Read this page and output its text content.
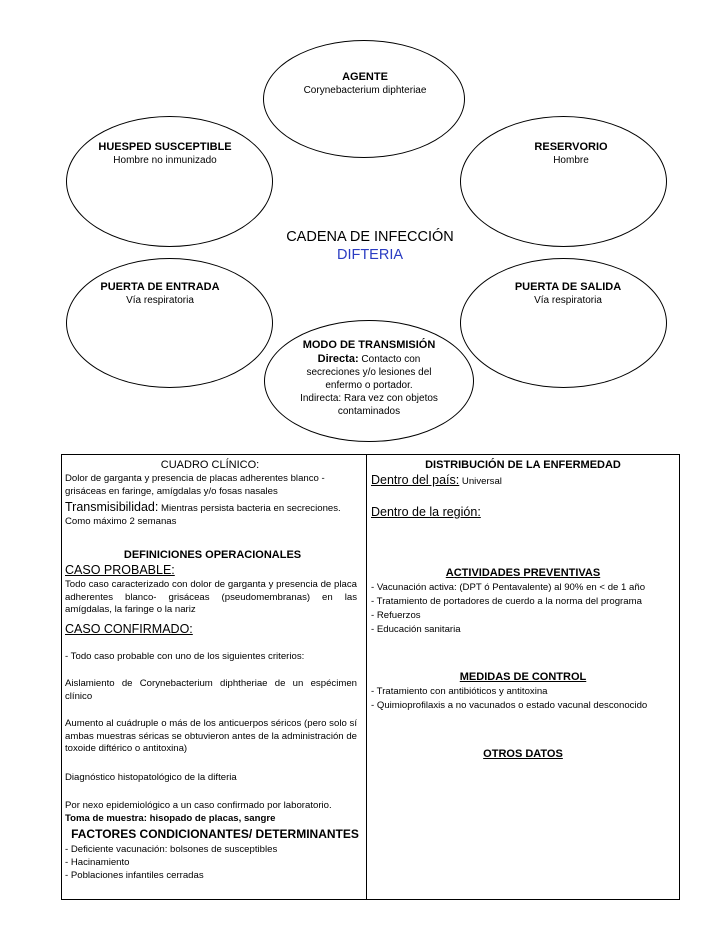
AGENTE
Corynebacterium diphteriae
HUESPED SUSCEPTIBLE
Hombre no inmunizado
RESERVORIO
Hombre
CADENA DE INFECCIÓN
DIFTERIA
PUERTA DE ENTRADA
Vía respiratoria
PUERTA DE SALIDA
Vía respiratoria
MODO DE TRANSMISIÓN
Directa: Contacto con secreciones y/o lesiones del enfermo o portador.
Indirecta: Rara vez con objetos contaminados
CUADRO CLÍNICO:
Dolor de garganta y presencia de placas adherentes blanco - grisáceas en faringe, amígdalas y/o fosas nasales
Transmisibilidad: Mientras persista bacteria en secreciones.
Como máximo 2 semanas
DEFINICIONES OPERACIONALES
CASO PROBABLE:
Todo caso caracterizado con dolor de garganta y presencia de placa adherentes blanco- grisáceas (pseudomembranas) en las amígdalas, la faringe o la nariz
CASO CONFIRMADO:
- Todo caso probable con uno de los siguientes criterios:
Aislamiento de Corynebacterium diphtheriae de un espécimen clínico
Aumento al cuádruple o más de los anticuerpos séricos (pero solo sí ambas muestras séricas se obtuvieron antes de la administración de toxoide diftérico o antitoxina)
Diagnóstico histopatológico de la difteria
Por nexo epidemiológico a un caso confirmado por laboratorio.
Toma de muestra: hisopado de placas, sangre
FACTORES CONDICIONANTES/ DETERMINANTES
- Deficiente vacunación: bolsones de susceptibles
- Hacinamiento
- Poblaciones infantiles cerradas
DISTRIBUCIÓN DE LA ENFERMEDAD
Dentro del país: Universal
Dentro de la región:
ACTIVIDADES PREVENTIVAS
- Vacunación activa: (DPT ó Pentavalente) al 90% en < de 1 año
- Tratamiento de portadores de cuerdo a la norma del programa
- Refuerzos
- Educación sanitaria
MEDIDAS DE CONTROL
- Tratamiento con antibióticos y antitoxina
- Quimioprofilaxis a no vacunados o estado vacunal desconocido
OTROS DATOS
